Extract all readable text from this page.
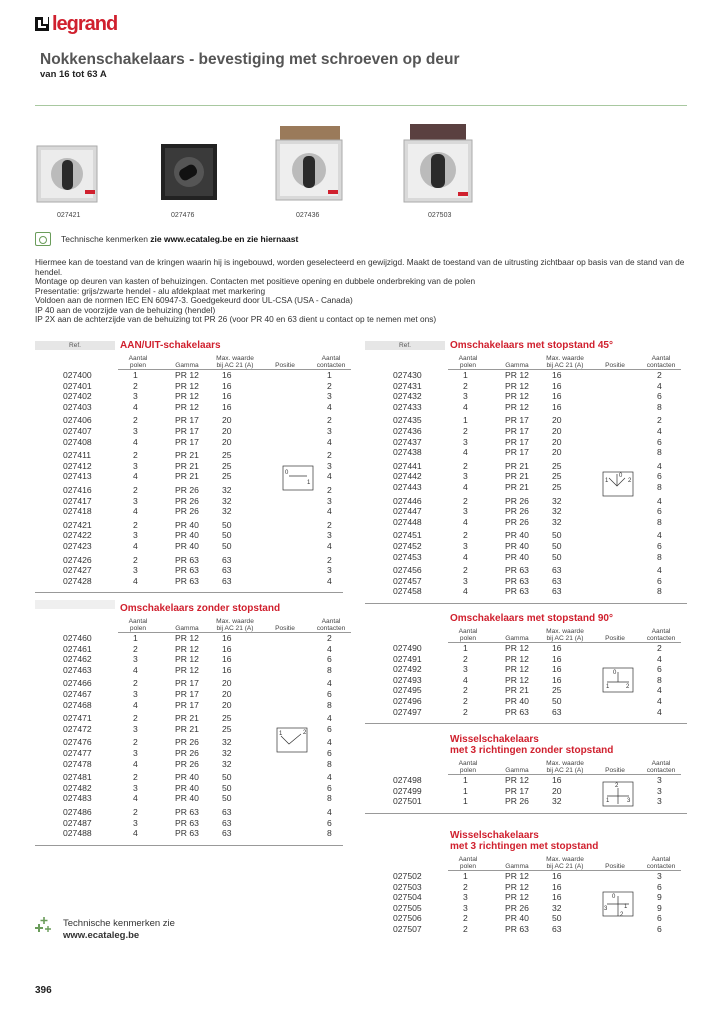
legrand
Nokkenschakelaars - bevestiging met schroeven op deur
van 16 tot 63 A
027421	027476	027436	027503
Technische kenmerken zie www.ecataleg.be en zie hiernaast
Hiermee kan de toestand van de kringen waarin hij is ingebouwd, worden geselecteerd en gewijzigd. Maakt de toestand van de uitrusting zichtbaar op basis van de stand van de hendel.
Montage op deuren van kasten of behuizingen. Contacten met positieve opening en dubbele onderbreking van de polen
Presentatie: grijs/zwarte hendel - alu afdekplaat met markering
Voldoen aan de normen IEC EN 60947-3. Goedgekeurd door UL-CSA (USA - Canada)
IP 40 aan de voorzijde van de behuizing (hendel)
IP 2X aan de achterzijde van de behuizing tot PR 26 (voor PR 40 en 63 dient u contact op te nemen met ons)
Ref.	AAN/UIT-schakelaars
Aantal
polen	Gamma
Max. waarde
bij AC 21 (A)	Positie
Aantal
contacten
027400	1	PR 12	16	1
027401	2	PR 12	16	2
027402	3	PR 12	16	3
027403	4	PR 12	16	4
027406	2	PR 17	20	2
027407	3	PR 17	20	3
027408	4	PR 17	20	4
027411	2	PR 21	25	2
027412	3	PR 21	25	3
027413	4	PR 21	25	4
027416	2	PR 26	32	2
027417	3	PR 26	32	3
027418	4	PR 26	32	4
027421	2	PR 40	50	2
027422	3	PR 40	50	3
027423	4	PR 40	50	4
027426	2	PR 63	63	2
027427	3	PR 63	63	3
027428	4	PR 63	63	4
0
1
Omschakelaars zonder stopstand
Aantal
polen	Gamma
Max. waarde
bij AC 21 (A)	Positie
Aantal
contacten
027460	1	PR 12	16	2
027461	2	PR 12	16	4
027462	3	PR 12	16	6
027463	4	PR 12	16	8
027466	2	PR 17	20	4
027467	3	PR 17	20	6
027468	4	PR 17	20	8
027471	2	PR 21	25	4
027472	3	PR 21	25	6
027476	2	PR 26	32	4
027477	3	PR 26	32	6
027478	4	PR 26	32	8
027481	2	PR 40	50	4
027482	3	PR 40	50	6
027483	4	PR 40	50	8
027486	2	PR 63	63	4
027487	3	PR 63	63	6
027488	4	PR 63	63	8
1	2
Ref.	Omschakelaars met stopstand 45°
Aantal
polen	Gamma
Max. waarde
bij AC 21 (A)	Positie
Aantal
contacten
027430	1	PR 12	16	2
027431	2	PR 12	16	4
027432	3	PR 12	16	6
027433	4	PR 12	16	8
027435	1	PR 17	20	2
027436	2	PR 17	20	4
027437	3	PR 17	20	6
027438	4	PR 17	20	8
027441	2	PR 21	25	4
027442	3	PR 21	25	6
027443	4	PR 21	25	8
027446	2	PR 26	32	4
027447	3	PR 26	32	6
027448	4	PR 26	32	8
027451	2	PR 40	50	4
027452	3	PR 40	50	6
027453	4	PR 40	50	8
027456	2	PR 63	63	4
027457	3	PR 63	63	6
027458	4	PR 63	63	8
1
0
2
Omschakelaars met stopstand 90°
Aantal
polen	Gamma
Max. waarde
bij AC 21 (A)	Positie
Aantal
contacten
027490	1	PR 12	16	2
027491	2	PR 12	16	4
027492	3	PR 12	16	6
027493	4	PR 12	16	8
027495	2	PR 21	25	4
027496	2	PR 40	50	4
027497	2	PR 63	63	4
0
1	2
Wisselschakelaars
met 3 richtingen zonder stopstand
Aantal
polen	Gamma
Max. waarde
bij AC 21 (A)	Positie
Aantal
contacten
027498	1	PR 12	16	3
027499	1	PR 17	20	3
027501	1	PR 26	32	3
2
1	3
Wisselschakelaars
met 3 richtingen met stopstand
Aantal
polen	Gamma
Max. waarde
bij AC 21 (A)	Positie
Aantal
contacten
027502	1	PR 12	16	3
027503	2	PR 12	16	6
027504	3	PR 12	16	9
027505	3	PR 26	32	9
027506	2	PR 40	50	6
027507	2	PR 63	63	6
0
1
3
2
Technische kenmerken zie
www.ecataleg.be
396
